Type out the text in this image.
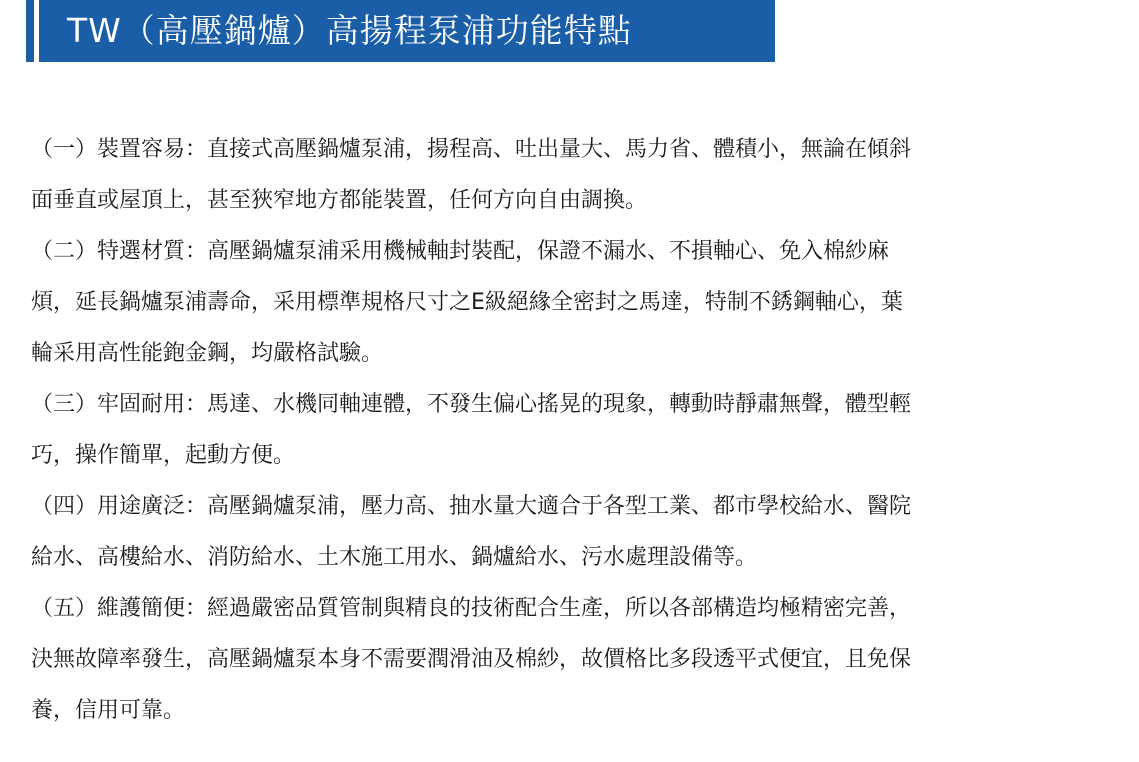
TW（高壓鍋爐）高揚程泵浦功能特點
（一）裝置容易：直接式高壓鍋爐泵浦，揚程高、吐出量大、馬力省、體積小，無論在傾斜
面垂直或屋頂上，甚至狹窄地方都能裝置，任何方向自由調換。
（二）特選材質：高壓鍋爐泵浦采用機械軸封裝配，保證不漏水、不損軸心、免入棉紗麻
煩，延長鍋爐泵浦壽命，采用標準規格尺寸之E級絕緣全密封之馬達，特制不銹鋼軸心，葉
輪采用高性能鉋金鋼，均嚴格試驗。
（三）牢固耐用：馬達、水機同軸連體，不發生偏心搖晃的現象，轉動時靜肅無聲，體型輕
巧，操作簡單，起動方便。
（四）用途廣泛：高壓鍋爐泵浦，壓力高、抽水量大適合于各型工業、都市學校給水、醫院
給水、高樓給水、消防給水、土木施工用水、鍋爐給水、污水處理設備等。
（五）維護簡便：經過嚴密品質管制與精良的技術配合生產，所以各部構造均極精密完善，
決無故障率發生，高壓鍋爐泵本身不需要潤滑油及棉紗，故價格比多段透平式便宜，且免保
養，信用可靠。
